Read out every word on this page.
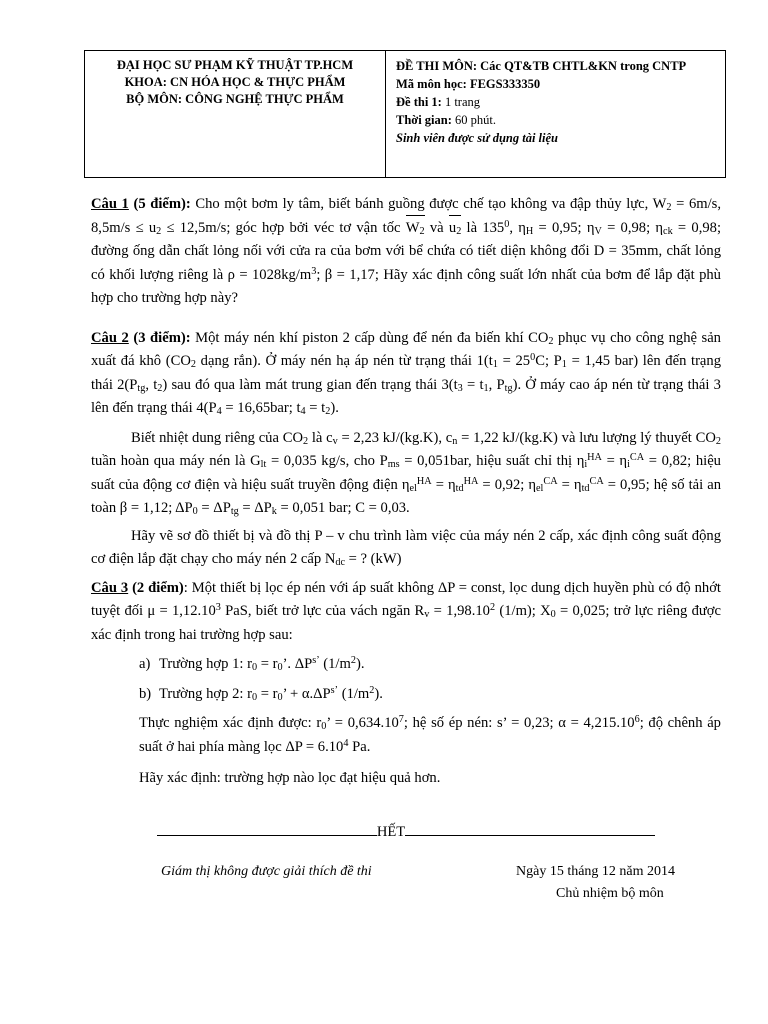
ĐẠI HỌC SƯ PHẠM KỸ THUẬT TP.HCM
KHOA: CN HÓA HỌC & THỰC PHẨM
BỘ MÔN: CÔNG NGHỆ THỰC PHẨM
ĐỀ THI MÔN: Các QT&TB CHTL&KN trong CNTP
Mã môn học: FEGS333350
Đề thi 1: 1 trang
Thời gian: 60 phút.
Sinh viên được sử dụng tài liệu

Câu 1 (5 điểm): Cho một bơm ly tâm, biết bánh guồng được chế tạo không va đập thủy lực, $W_2 = 6m/s$, $8,5m/s \le u_2 \le 12,5m/s$; góc hợp bởi véc tơ vận tốc $W_2$ và $u_2$ là $135^0$, $\eta_H = 0,95$; $\eta_V = 0,98$; $\eta_{ck} = 0,98$; đường ống dẫn chất lỏng nối với cửa ra của bơm với bể chứa có tiết diện không đổi D = 35mm, chất lỏng có khối lượng riêng là $\rho = 1028kg/m^3$; β = 1,17; Hãy xác định công suất lớn nhất của bơm để lắp đặt phù hợp cho trường hợp này?

Câu 2 (3 điểm): Một máy nén khí piston 2 cấp dùng để nén đa biến khí $CO_2$ phục vụ cho công nghệ sản xuất đá khô ($CO_2$ dạng rắn). Ở máy nén hạ áp nén từ trạng thái $1(t_1 = 25^0C$; $P_1 = 1,45$ bar) lên đến trạng thái $2(P_{tg}$, $t_2$) sau đó qua làm mát trung gian đến trạng thái $3(t_3 = t_1$, $P_{tg}$). Ở máy cao áp nén từ trạng thái 3 lên đến trạng thái $4(P_4 = 16,65bar$; $t_4 = t_2$).

Biết nhiệt dung riêng của $CO_2$ là $c_v = 2,23$ kJ/(kg.K), $c_n = 1,22$ kJ/(kg.K) và lưu lượng lý thuyết $CO_2$ tuần hoàn qua máy nén là $G_{lt} = 0,035$ kg/s, cho $P_{ms} = 0,051bar$, hiệu suất chỉ thị $\eta_i^{HA} = \eta_i^{CA} = 0,82$; hiệu suất của động cơ điện và hiệu suất truyền động điện $\eta_{el}^{HA} = \eta_{td}^{HA} = 0,92$; $\eta_{el}^{CA} = \eta_{td}^{CA} = 0,95$; hệ số tải an toàn β = 1,12; $\Delta P_0 = \Delta P_{tg} = \Delta P_k = 0,051$ bar; C = 0,03.

Hãy vẽ sơ đồ thiết bị và đồ thị P – v chu trình làm việc của máy nén 2 cấp, xác định công suất động cơ điện lắp đặt chạy cho máy nén 2 cấp $N_{dc}$ = ? (kW)

Câu 3 (2 điểm): Một thiết bị lọc ép nén với áp suất không ΔP = const, lọc dung dịch huyền phù có độ nhớt tuyệt đối $\mu = 1,12.10^3$ PaS, biết trở lực của vách ngăn $R_v = 1,98.10^2$ (1/m); $X_0 = 0,025$; trở lực riêng được xác định trong hai trường hợp sau:

a) Trường hợp 1: $r_0 = r_0$’. $\Delta P^{s’}$ $(1/m^2)$.
b) Trường hợp 2: $r_0 = r_0$’ + $\alpha.\Delta P^{s’}$ $(1/m^2)$.

Thực nghiệm xác định được: $r_0$’ = $0,634.10^7$; hệ số ép nén: s’ = 0,23; $\alpha = 4,215.10^6$; độ chênh áp suất ở hai phía màng lọc $\Delta P = 6.10^4$ Pa.

Hãy xác định: trường hợp nào lọc đạt hiệu quả hơn.

HẾT
Giám thị không được giải thích đề thi	Ngày 15 tháng 12 năm 2014
Chủ nhiệm bộ môn
